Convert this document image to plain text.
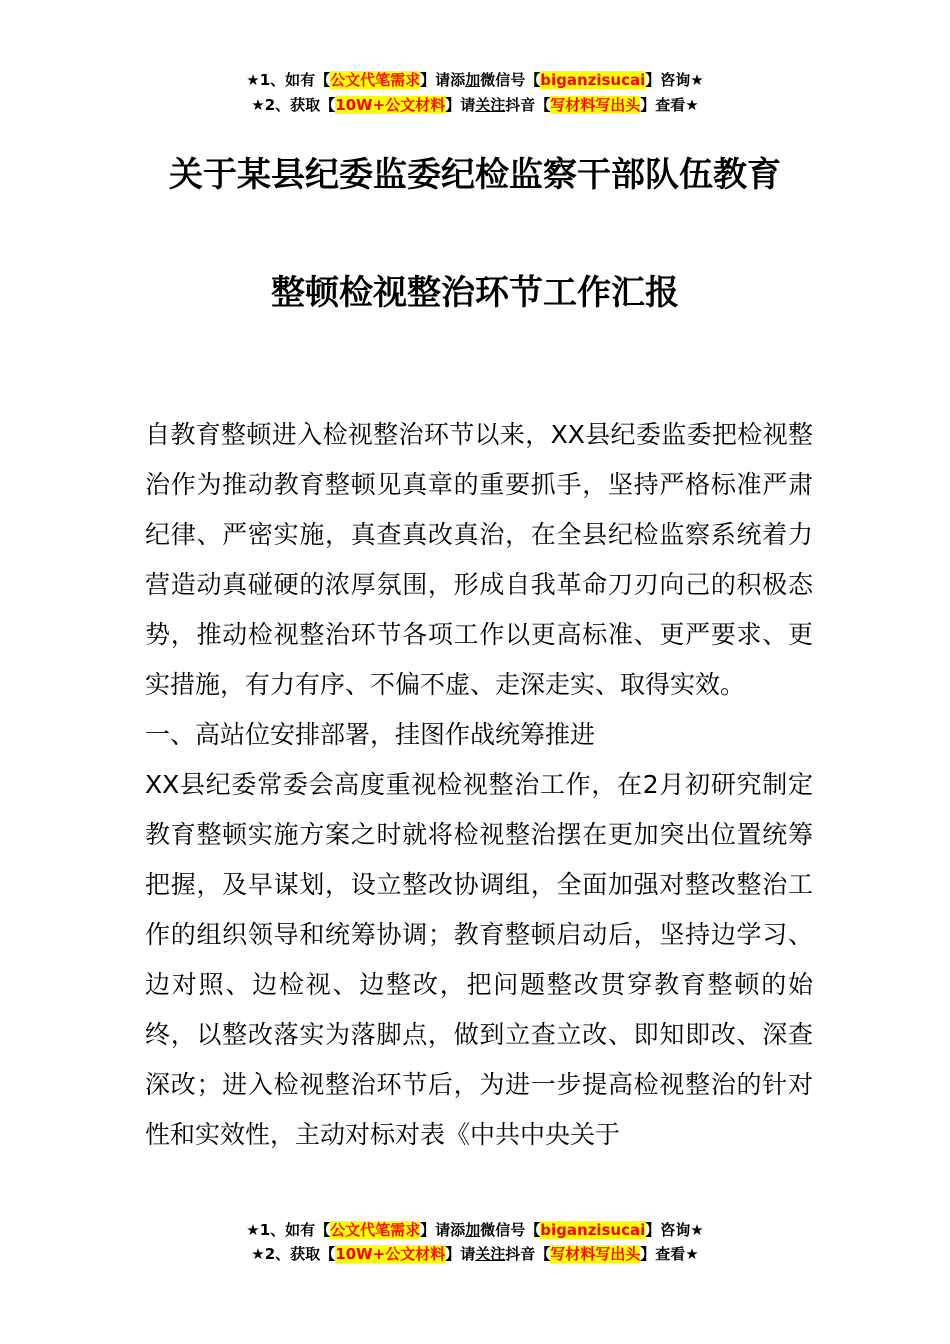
★1、如有【公文代笔需求】请添加微信号【biganzisucai】咨询★
★2、获取【10W+公文材料】请关注抖音【写材料写出头】查看★
关于某县纪委监委纪检监察干部队伍教育
整顿检视整治环节工作汇报

自教育整顿进入检视整治环节以来，XX县纪委监委把检视整治作为推动教育整顿见真章的重要抓手，坚持严格标准严肃纪律、严密实施，真查真改真治，在全县纪检监察系统着力营造动真碰硬的浓厚氛围，形成自我革命刀刃向己的积极态势，推动检视整治环节各项工作以更高标准、更严要求、更实措施，有力有序、不偏不虚、走深走实、取得实效。

一、高站位安排部署，挂图作战统筹推进

XX县纪委常委会高度重视检视整治工作，在2月初研究制定教育整顿实施方案之时就将检视整治摆在更加突出位置统筹把握，及早谋划，设立整改协调组，全面加强对整改整治工作的组织领导和统筹协调；教育整顿启动后，坚持边学习、边对照、边检视、边整改，把问题整改贯穿教育整顿的始终，以整改落实为落脚点，做到立查立改、即知即改、深查深改；进入检视整治环节后，为进一步提高检视整治的针对性和实效性，主动对标对表《中共中央关于

★1、如有【公文代笔需求】请添加微信号【biganzisucai】咨询★
★2、获取【10W+公文材料】请关注抖音【写材料写出头】查看★
